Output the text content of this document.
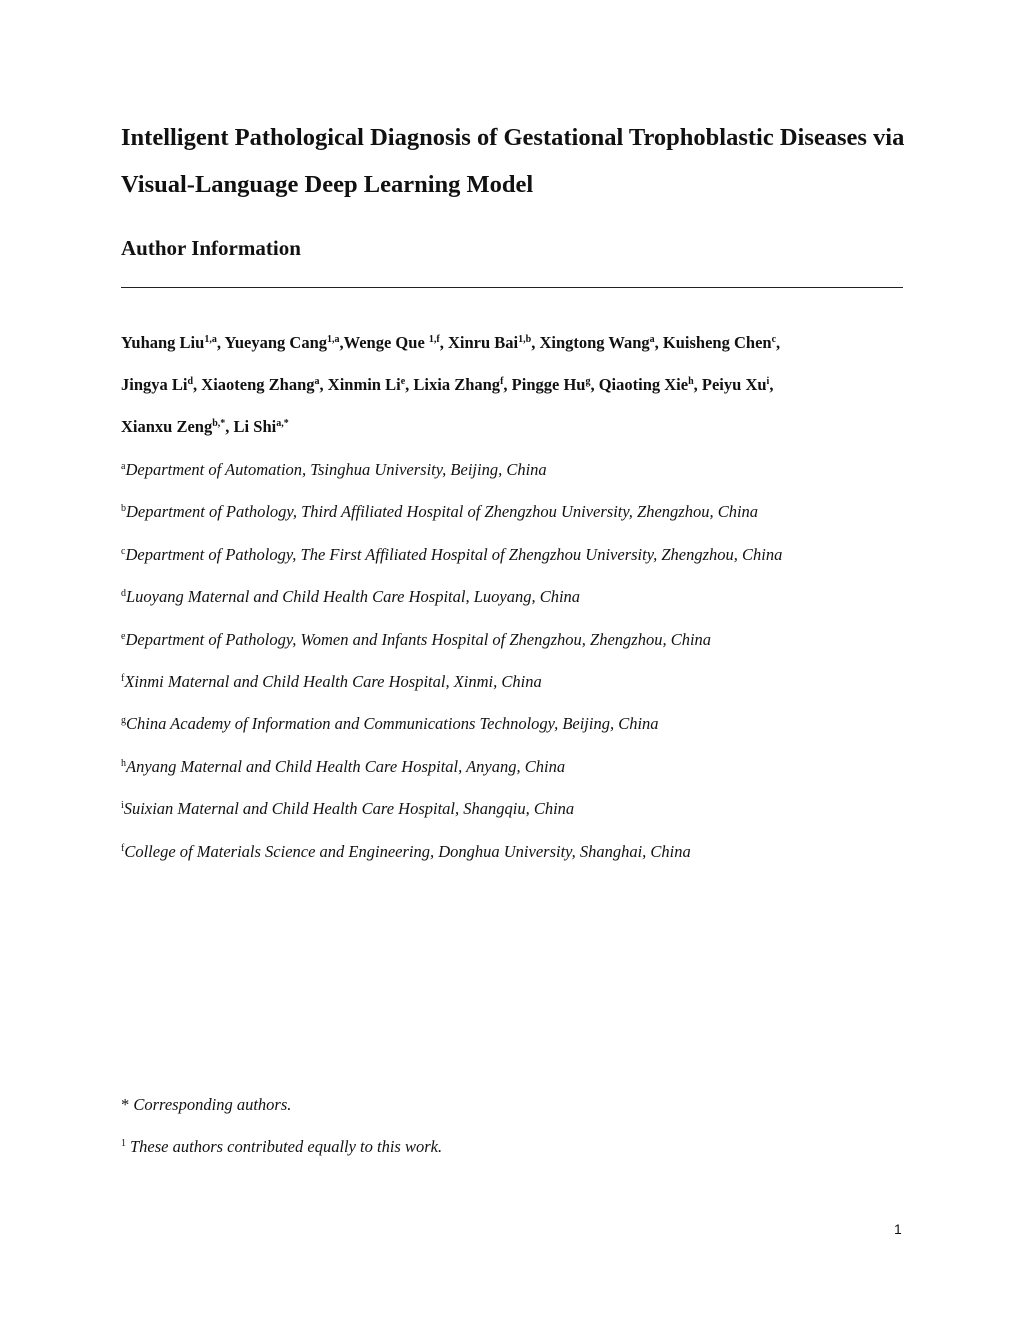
Intelligent Pathological Diagnosis of Gestational Trophoblastic Diseases via Visual-Language Deep Learning Model
Author Information
Yuhang Liu$^{1,a}$, Yueyang Cang$^{1,a}$,Wenge Que $^{1,f}$, Xinru Bai$^{1,b}$, Xingtong Wang$^a$, Kuisheng Chen$^c$,
Jingya Li$^d$, Xiaoteng Zhang$^a$, Xinmin Li$^e$, Lixia Zhang$^f$, Pingge Hu$^g$, Qiaoting Xie$^h$, Peiyu Xu$^i$,
Xianxu Zeng$^{b,*}$, Li Shi$^{a,*}$
$^a$Department of Automation, Tsinghua University, Beijing, China
$^b$Department of Pathology, Third Affiliated Hospital of Zhengzhou University, Zhengzhou, China
$^c$Department of Pathology, The First Affiliated Hospital of Zhengzhou University, Zhengzhou, China
$^d$Luoyang Maternal and Child Health Care Hospital, Luoyang, China
$^e$Department of Pathology, Women and Infants Hospital of Zhengzhou, Zhengzhou, China
$^f$Xinmi Maternal and Child Health Care Hospital, Xinmi, China
$^g$China Academy of Information and Communications Technology, Beijing, China
$^h$Anyang Maternal and Child Health Care Hospital, Anyang, China
$^i$Suixian Maternal and Child Health Care Hospital, Shangqiu, China
$^f$College of Materials Science and Engineering, Donghua University, Shanghai, China
* Corresponding authors.
$^1$ These authors contributed equally to this work.
1
